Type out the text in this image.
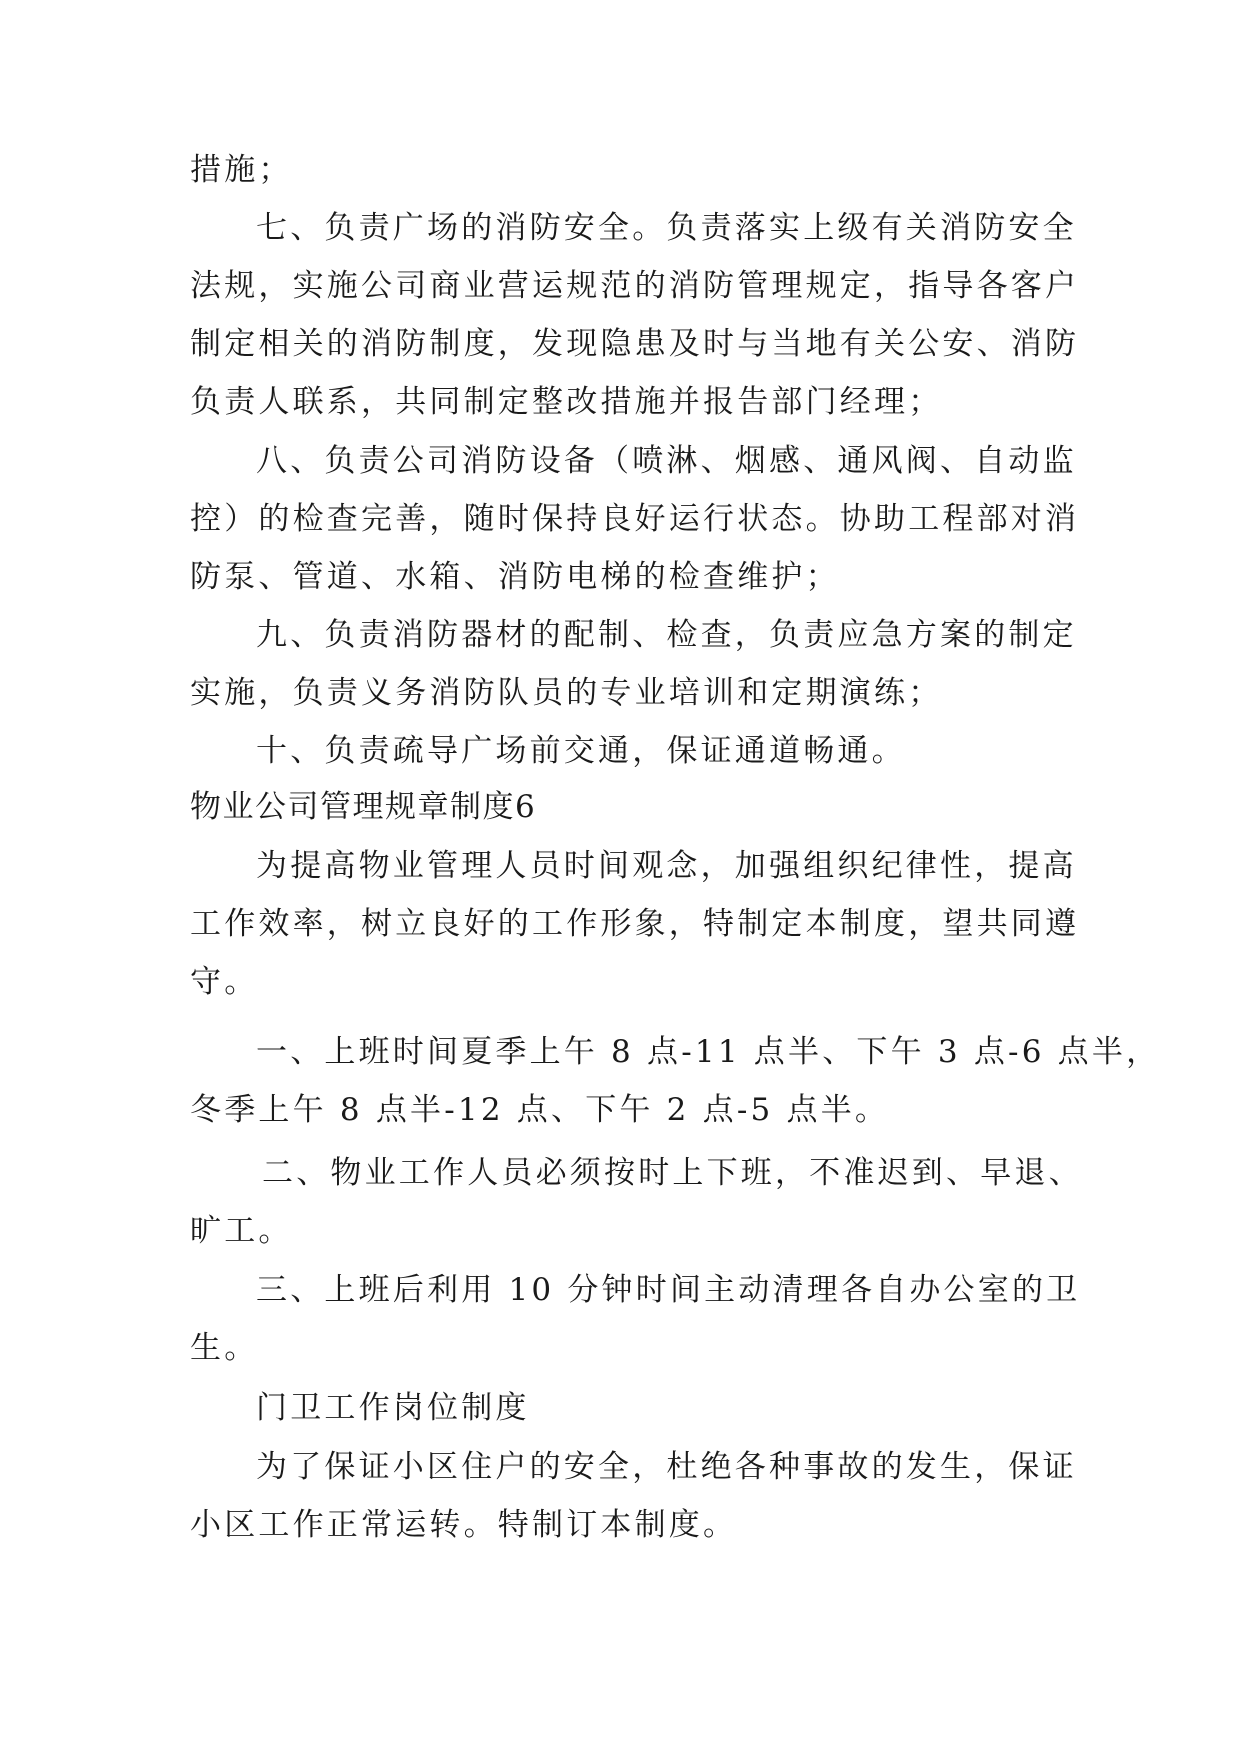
措施；
七、负责广场的消防安全。负责落实上级有关消防安全
法规，实施公司商业营运规范的消防管理规定，指导各客户
制定相关的消防制度，发现隐患及时与当地有关公安、消防
负责人联系，共同制定整改措施并报告部门经理；
八、负责公司消防设备（喷淋、烟感、通风阀、自动监
控）的检查完善，随时保持良好运行状态。协助工程部对消
防泵、管道、水箱、消防电梯的检查维护；
九、负责消防器材的配制、检查，负责应急方案的制定
实施，负责义务消防队员的专业培训和定期演练；
十、负责疏导广场前交通，保证通道畅通。
物业公司管理规章制度6
为提高物业管理人员时间观念，加强组织纪律性，提高
工作效率，树立良好的工作形象，特制定本制度，望共同遵
守。
一、上班时间夏季上午 8 点-11 点半、下午 3 点-6 点半，
冬季上午 8 点半-12 点、下午 2 点-5 点半。
二、物业工作人员必须按时上下班，不准迟到、早退、
旷工。
三、上班后利用 10 分钟时间主动清理各自办公室的卫
生。
门卫工作岗位制度
为了保证小区住户的安全，杜绝各种事故的发生，保证
小区工作正常运转。特制订本制度。
